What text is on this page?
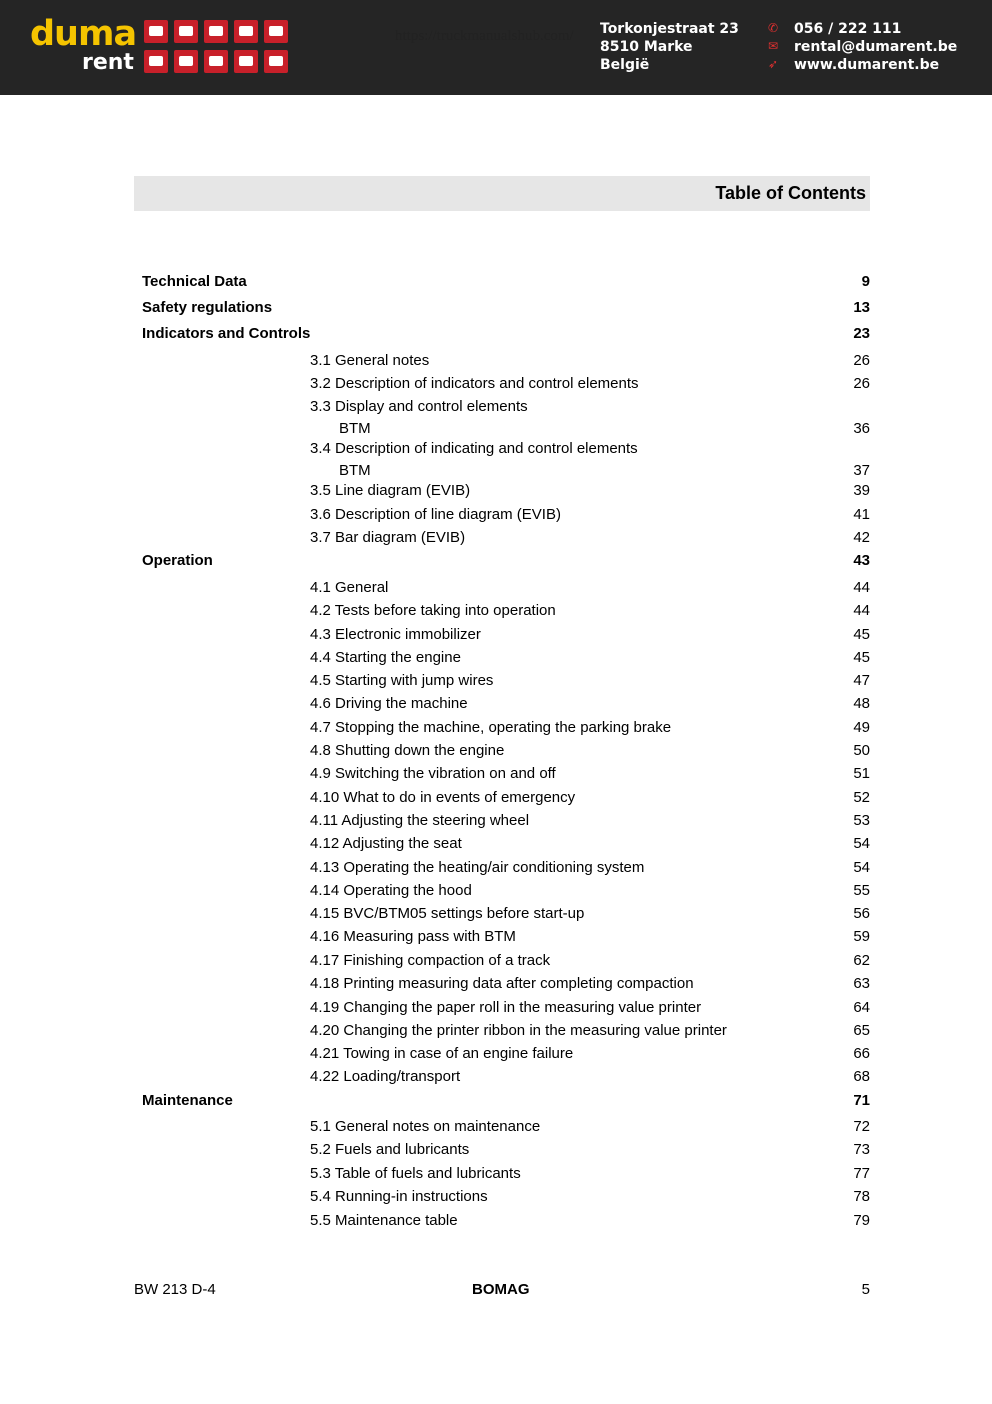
duma
rent
https://truckmanualshub.com/ Torkonjestraat 23
8510 Marke
België
✆ 056 / 222 111
✉ rental@dumarent.be
➶ www.dumarent.be
Table of Contents
Technical Data	9
Safety regulations	13
Indicators and Controls	23
3.1 General notes	26
3.2 Description of indicators and control elements	26
3.3 Display and control elements
BTM	36
3.4 Description of indicating and control elements
BTM	37
3.5 Line diagram (EVIB)	39
3.6 Description of line diagram (EVIB)	41
3.7 Bar diagram (EVIB)	42
Operation	43
4.1 General	44
4.2 Tests before taking into operation	44
4.3 Electronic immobilizer	45
4.4 Starting the engine	45
4.5 Starting with jump wires	47
4.6 Driving the machine	48
4.7 Stopping the machine, operating the parking brake	49
4.8 Shutting down the engine	50
4.9 Switching the vibration on and off	51
4.10 What to do in events of emergency	52
4.11 Adjusting the steering wheel	53
4.12 Adjusting the seat	54
4.13 Operating the heating/air conditioning system	54
4.14 Operating the hood	55
4.15 BVC/BTM05 settings before start-up	56
4.16 Measuring pass with BTM	59
4.17 Finishing compaction of a track	62
4.18 Printing measuring data after completing compaction	63
4.19 Changing the paper roll in the measuring value printer	64
4.20 Changing the printer ribbon in the measuring value printer	65
4.21 Towing in case of an engine failure	66
4.22 Loading/transport	68
Maintenance	71
5.1 General notes on maintenance	72
5.2 Fuels and lubricants	73
5.3 Table of fuels and lubricants	77
5.4 Running-in instructions	78
5.5 Maintenance table	79
BW 213 D-4	BOMAG	5
